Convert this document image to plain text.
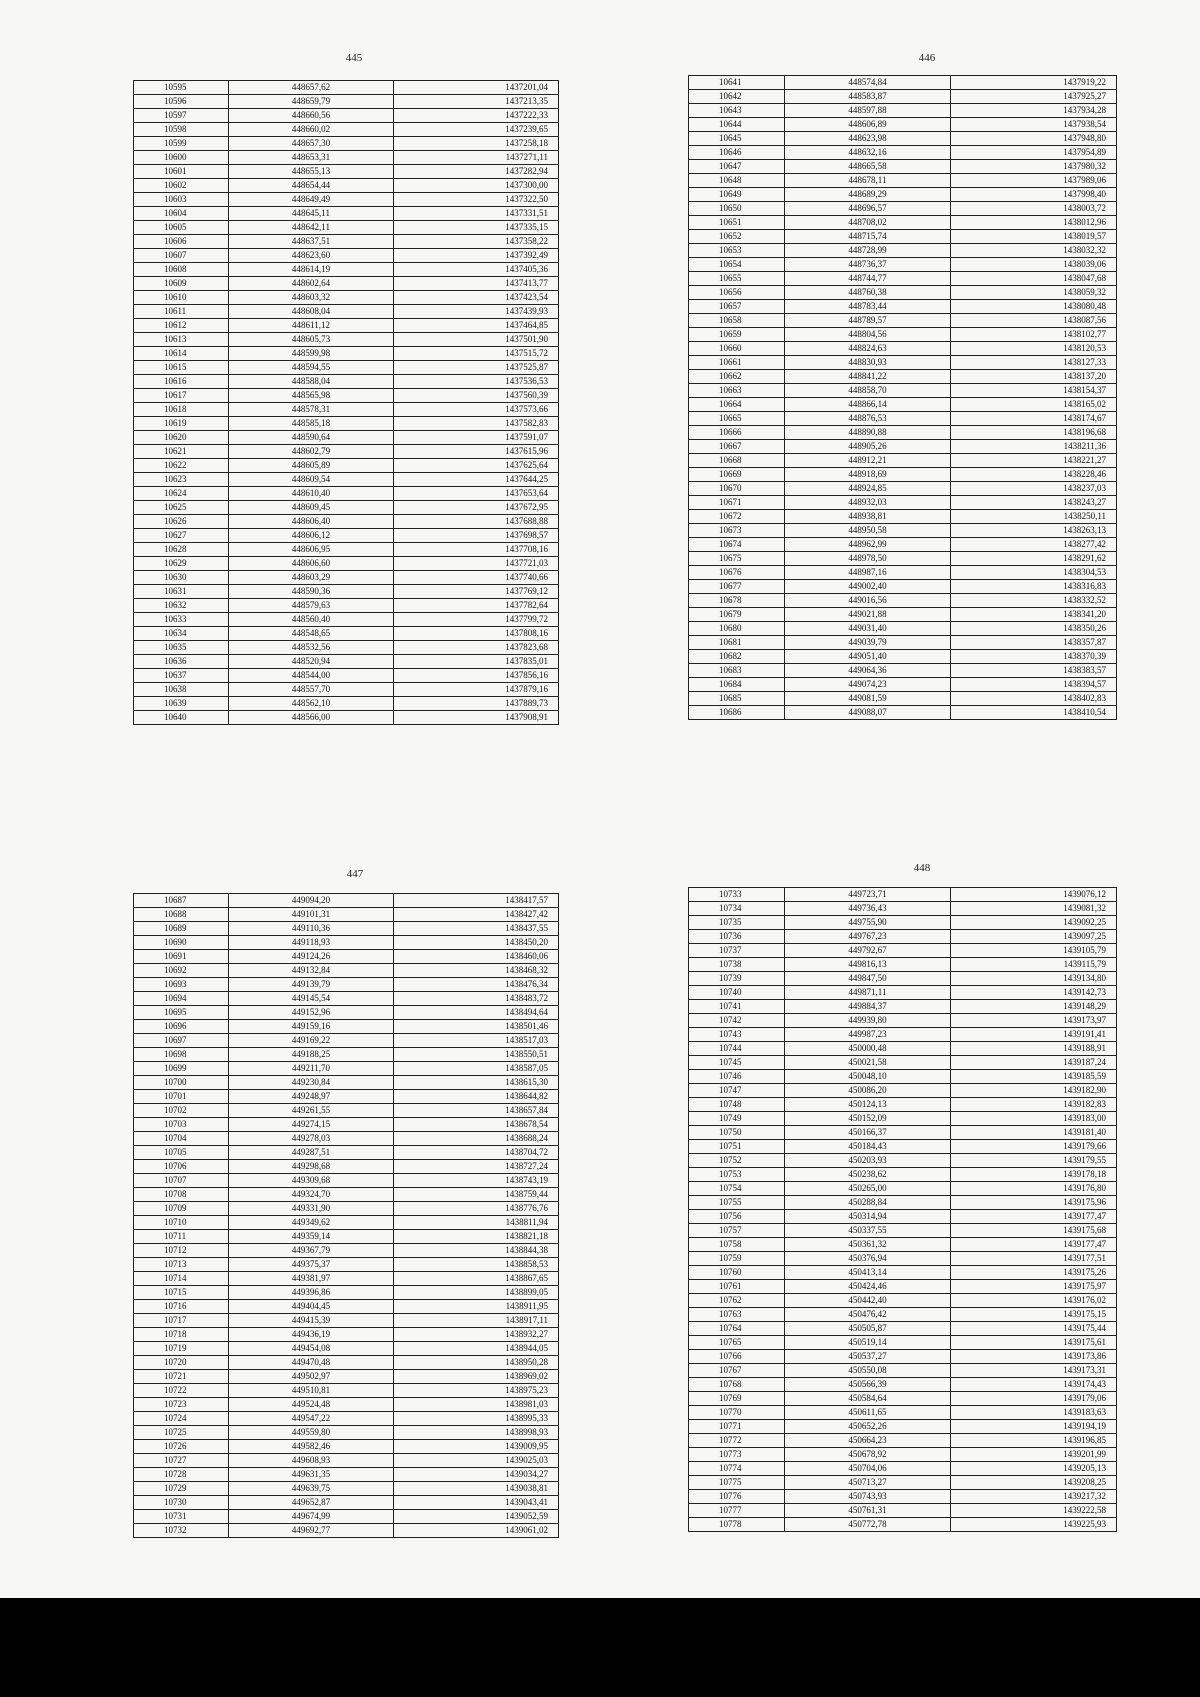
445
10595	448657,62	1437201,04
10596	448659,79	1437213,35
10597	448660,56	1437222,33
10598	448660,02	1437239,65
10599	448657,30	1437258,18
10600	448653,31	1437271,11
10601	448655,13	1437282,94
10602	448654,44	1437300,00
10603	448649,49	1437322,50
10604	448645,11	1437331,51
10605	448642,11	1437335,15
10606	448637,51	1437358,22
10607	448623,60	1437392,49
10608	448614,19	1437405,36
10609	448602,64	1437413,77
10610	448603,32	1437423,54
10611	448608,04	1437439,93
10612	448611,12	1437464,85
10613	448605,73	1437501,90
10614	448599,98	1437515,72
10615	448594,55	1437525,87
10616	448588,04	1437536,53
10617	448565,98	1437560,39
10618	448578,31	1437573,66
10619	448585,18	1437582,83
10620	448590,64	1437591,07
10621	448602,79	1437615,96
10622	448605,89	1437625,64
10623	448609,54	1437644,25
10624	448610,40	1437653,64
10625	448609,45	1437672,95
10626	448606,40	1437688,88
10627	448606,12	1437698,57
10628	448606,95	1437708,16
10629	448606,60	1437721,03
10630	448603,29	1437740,66
10631	448590,36	1437769,12
10632	448579,63	1437782,64
10633	448560,40	1437799,72
10634	448548,65	1437808,16
10635	448532,56	1437823,68
10636	448520,94	1437835,01
10637	448544,00	1437856,16
10638	448557,70	1437879,16
10639	448562,10	1437889,73
10640	448566,00	1437908,91
446
10641	448574,84	1437919,22
10642	448583,87	1437925,27
10643	448597,88	1437934,28
10644	448606,89	1437938,54
10645	448623,98	1437948,80
10646	448632,16	1437954,89
10647	448665,58	1437980,32
10648	448678,11	1437989,06
10649	448689,29	1437998,40
10650	448696,57	1438003,72
10651	448708,02	1438012,96
10652	448715,74	1438019,57
10653	448728,99	1438032,32
10654	448736,37	1438039,06
10655	448744,77	1438047,68
10656	448760,38	1438059,32
10657	448783,44	1438080,48
10658	448789,57	1438087,56
10659	448804,56	1438102,77
10660	448824,63	1438120,53
10661	448830,93	1438127,33
10662	448841,22	1438137,20
10663	448858,70	1438154,37
10664	448866,14	1438165,02
10665	448876,53	1438174,67
10666	448890,88	1438196,68
10667	448905,26	1438211,36
10668	448912,21	1438221,27
10669	448918,69	1438228,46
10670	448924,85	1438237,03
10671	448932,03	1438243,27
10672	448938,81	1438250,11
10673	448950,58	1438263,13
10674	448962,99	1438277,42
10675	448978,50	1438291,62
10676	448987,16	1438304,53
10677	449002,40	1438316,83
10678	449016,56	1438332,52
10679	449021,88	1438341,20
10680	449031,40	1438350,26
10681	449039,79	1438357,87
10682	449051,40	1438370,39
10683	449064,36	1438383,57
10684	449074,23	1438394,57
10685	449081,59	1438402,83
10686	449088,07	1438410,54
447
10687	449094,20	1438417,57
10688	449101,31	1438427,42
10689	449110,36	1438437,55
10690	449118,93	1438450,20
10691	449124,26	1438460,06
10692	449132,84	1438468,32
10693	449139,79	1438476,34
10694	449145,54	1438483,72
10695	449152,96	1438494,64
10696	449159,16	1438501,46
10697	449169,22	1438517,03
10698	449188,25	1438550,51
10699	449211,70	1438587,05
10700	449230,84	1438615,30
10701	449248,97	1438644,82
10702	449261,55	1438657,84
10703	449274,15	1438678,54
10704	449278,03	1438688,24
10705	449287,51	1438704,72
10706	449298,68	1438727,24
10707	449309,68	1438743,19
10708	449324,70	1438759,44
10709	449331,90	1438776,76
10710	449349,62	1438811,94
10711	449359,14	1438821,18
10712	449367,79	1438844,38
10713	449375,37	1438858,53
10714	449381,97	1438867,65
10715	449396,86	1438899,05
10716	449404,45	1438911,95
10717	449415,39	1438917,11
10718	449436,19	1438932,27
10719	449454,08	1438944,05
10720	449470,48	1438950,28
10721	449502,97	1438969,02
10722	449510,81	1438975,23
10723	449524,48	1438981,03
10724	449547,22	1438995,33
10725	449559,80	1438998,93
10726	449582,46	1439009,95
10727	449608,93	1439025,03
10728	449631,35	1439034,27
10729	449639,75	1439038,81
10730	449652,87	1439043,41
10731	449674,99	1439052,59
10732	449692,77	1439061,02
448
10733	449723,71	1439076,12
10734	449736,43	1439081,32
10735	449755,90	1439092,25
10736	449767,23	1439097,25
10737	449792,67	1439105,79
10738	449816,13	1439115,79
10739	449847,50	1439134,80
10740	449871,11	1439142,73
10741	449884,37	1439148,29
10742	449939,80	1439173,97
10743	449987,23	1439191,41
10744	450000,48	1439188,91
10745	450021,58	1439187,24
10746	450048,10	1439185,59
10747	450086,20	1439182,90
10748	450124,13	1439182,83
10749	450152,09	1439183,00
10750	450166,37	1439181,40
10751	450184,43	1439179,66
10752	450203,93	1439179,55
10753	450238,62	1439178,18
10754	450265,00	1439176,80
10755	450288,84	1439175,96
10756	450314,94	1439177,47
10757	450337,55	1439175,68
10758	450361,32	1439177,47
10759	450376,94	1439177,51
10760	450413,14	1439175,26
10761	450424,46	1439175,97
10762	450442,40	1439176,02
10763	450476,42	1439175,15
10764	450505,87	1439175,44
10765	450519,14	1439175,61
10766	450537,27	1439173,86
10767	450550,08	1439173,31
10768	450566,39	1439174,43
10769	450584,64	1439179,06
10770	450611,65	1439183,63
10771	450652,26	1439194,19
10772	450664,23	1439196,85
10773	450678,92	1439201,99
10774	450704,06	1439205,13
10775	450713,27	1439208,25
10776	450743,93	1439217,32
10777	450761,31	1439222,58
10778	450772,78	1439225,93
